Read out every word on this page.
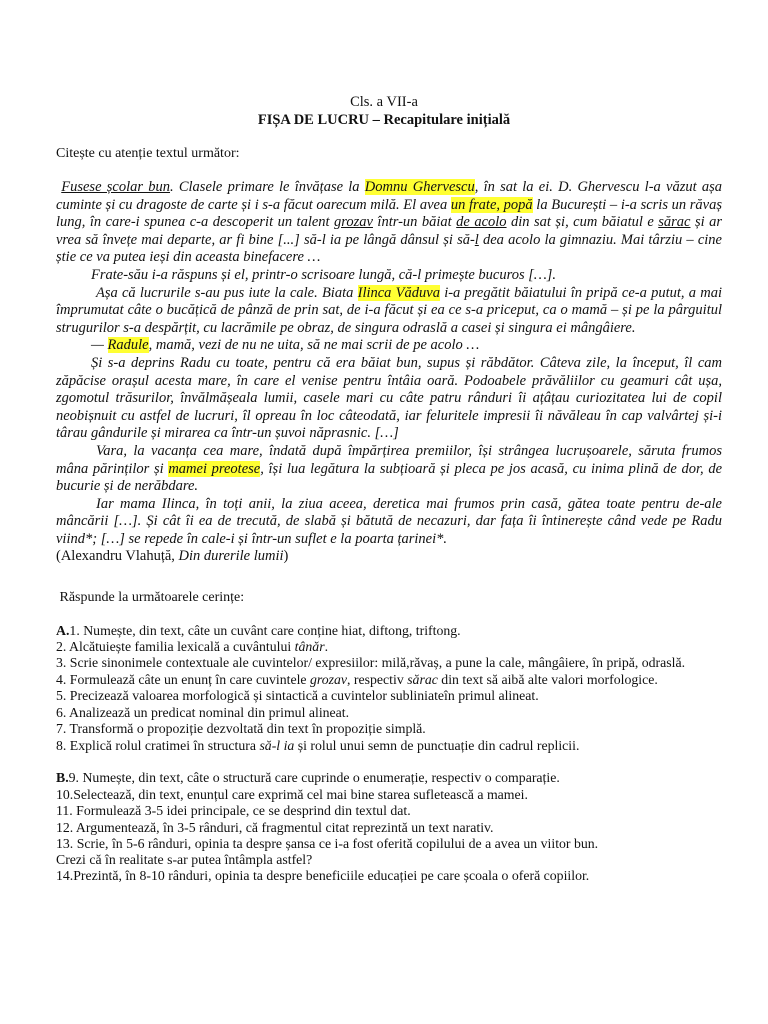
Cls. a VII-a
FIȘA DE LUCRU – Recapitulare inițială
Citește cu atenție textul următor:

Fusese școlar bun. Clasele primare le învățase la Domnu Ghervescu, în sat la ei. D. Ghervescu l-a văzut așa cuminte și cu dragoste de carte și i s-a făcut oarecum milă. El avea un frate, popă la București – i-a scris un răvaș lung, în care-i spunea c-a descoperit un talent grozav într-un băiat de acolo din sat și, cum băiatul e sărac și ar vrea să învețe mai departe, ar fi bine [...] să-l ia pe lângă dânsul și să-l dea acolo la gimnaziu. Mai târziu – cine știe ce va putea ieși din aceasta binefacere …

Frate-său i-a răspuns și el, printr-o scrisoare lungă, că-l primește bucuros […].

Așa că lucrurile s-au pus iute la cale. Biata Ilinca Văduva i-a pregătit băiatului în pripă ce-a putut, a mai împrumutat câte o bucățică de pânză de prin sat, de i-a făcut și ea ce s-a priceput, ca o mamă – și pe la pârguitul strugurilor s-a despărțit, cu lacrămile pe obraz, de singura odraslă a casei și singura ei mângâiere.

— Radule, mamă, vezi de nu ne uita, să ne mai scrii de pe acolo …

Și s-a deprins Radu cu toate, pentru că era băiat bun, supus și răbdător. Câteva zile, la început, îl cam zăpăcise orașul acesta mare, în care el venise pentru întâia oară. Podoabele prăvăliilor cu geamuri cât ușa, zgomotul trăsurilor, învălmășeala lumii, casele mari cu câte patru rânduri îi ațâțau curiozitatea lui de copil neobișnuit cu astfel de lucruri, îl opreau în loc câteodată, iar feluritele impresii îi năvăleau în cap valvârtej și-i târau gândurile și mirarea ca într-un șuvoi năprasnic. […]

Vara, la vacanța cea mare, îndată după împărțirea premiilor, își strângea lucrușoarele, săruta frumos mâna părinților și mamei preotese, își lua legătura la subțioară și pleca pe jos acasă, cu inima plină de dor, de bucurie și de nerăbdare.

Iar mama Ilinca, în toți anii, la ziua aceea, deretica mai frumos prin casă, gătea toate pentru de-ale mâncării […]. Și cât îi ea de trecută, de slabă și bătută de necazuri, dar fața îi întinerește când vede pe Radu viind*; […] se repede în cale-i și într-un suflet e la poarta țarinei*.

(Alexandru Vlahuță, Din durerile lumii)

Răspunde la următoarele cerințe:
A.1. Numește, din text, câte un cuvânt care conține hiat, diftong, triftong.
2. Alcătuiește familia lexicală a cuvântului tânăr.
3. Scrie sinonimele contextuale ale cuvintelor/ expresiilor: milă,răvaș, a pune la cale, mângâiere, în pripă, odraslă.
4. Formulează câte un enunț în care cuvintele grozav, respectiv sărac din text să aibă alte valori morfologice.
5. Precizează valoarea morfologică și sintactică a cuvintelor subliniateîn primul alineat.
6. Analizează un predicat nominal din primul alineat.
7. Transformă o propoziție dezvoltată din text în propoziție simplă.
8. Explică rolul cratimei în structura să-l ia și rolul unui semn de punctuație din cadrul replicii.
B.9. Numește, din text, câte o structură care cuprinde o enumerație, respectiv o comparație.
10.Selectează, din text, enunțul care exprimă cel mai bine starea sufletească a mamei.
11. Formulează 3-5 idei principale, ce se desprind din textul dat.
12. Argumentează, în 3-5 rânduri, că fragmentul citat reprezintă un text narativ.
13. Scrie, în 5-6 rânduri, opinia ta despre șansa ce i-a fost oferită copilului de a avea un viitor bun.
Crezi că în realitate s-ar putea întâmpla astfel?
14.Prezintă, în 8-10 rânduri, opinia ta despre beneficiile educației pe care școala o oferă copiilor.
